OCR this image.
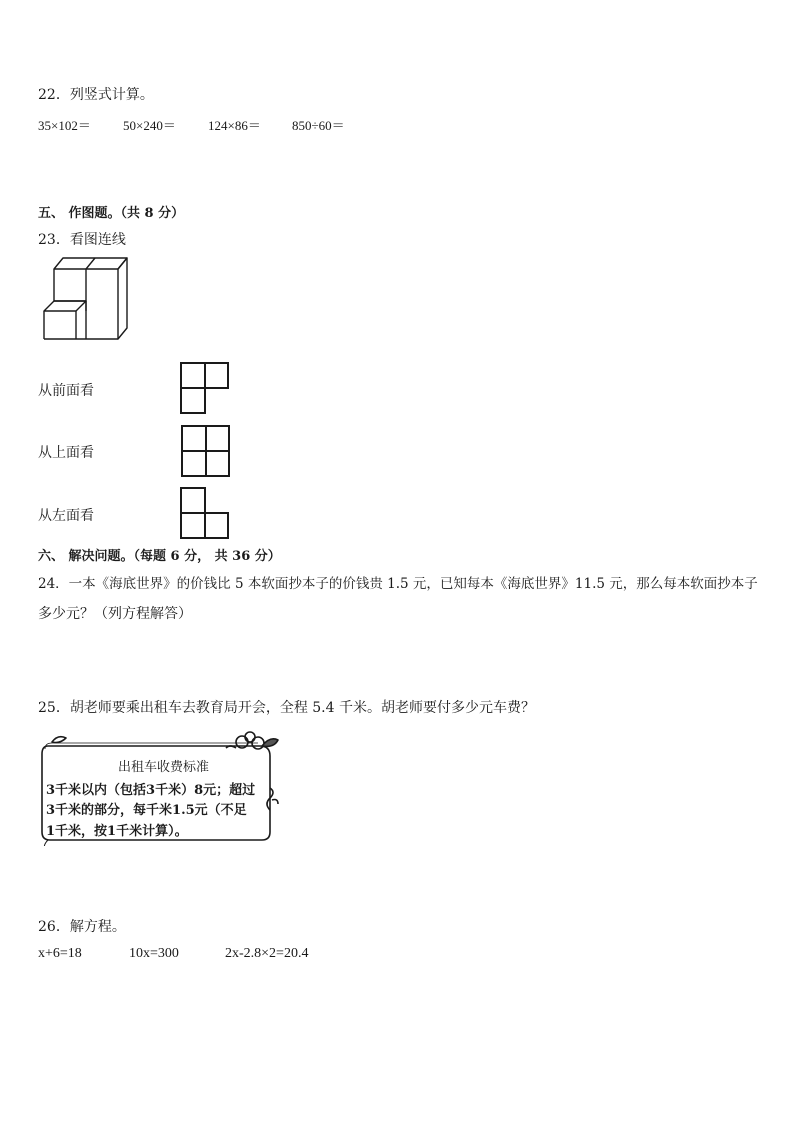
22．列竖式计算。
35×102＝ 50×240＝ 124×86＝ 850÷60＝
五、 作图题。（共 8 分）
23．看图连线
从前面看
从上面看
从左面看
六、 解决问题。（每题 6 分， 共 36 分）
24．一本《海底世界》的价钱比 5 本软面抄本子的价钱贵 1.5 元，已知每本《海底世界》11.5 元，那么每本软面抄本子
多少元？（列方程解答）
25．胡老师要乘出租车去教育局开会，全程 5.4 千米。胡老师要付多少元车费？
出租车收费标准
3千米以内（包括3千米）8元；超过
3千米的部分，每千米1.5元（不足
1千米，按1千米计算）。
26．解方程。
x+6=18	10x=300	2x-2.8×2=20.4
